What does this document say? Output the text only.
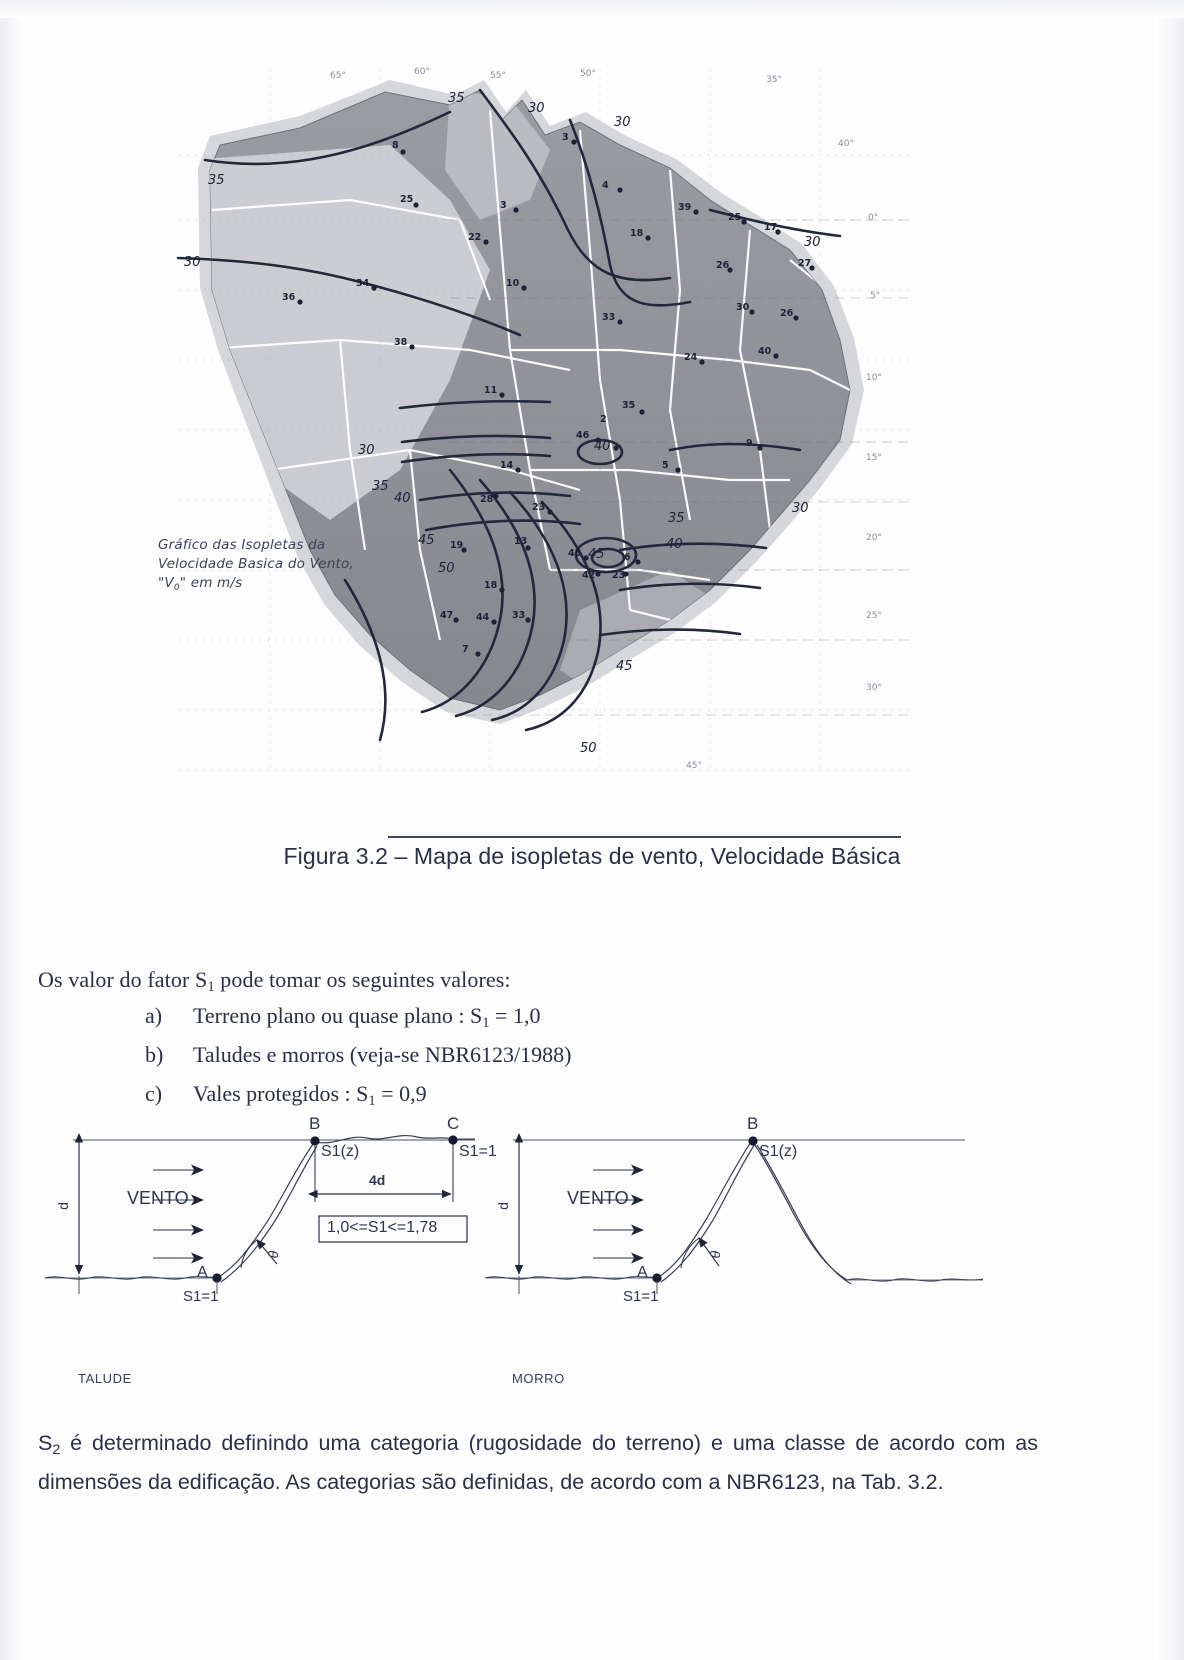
8
3
25
3
22
34	10
36
38
11
14
28
23
19	13
46
4
18
39
25
17
26	27
30
26
33
24
40
9
2
35
5
45	6
42 23
18
47 44 33
7
35
30
30
35
30
30
30
35
40
45
50
35
40
45
50
30
40
45
0°
5°
10°
15°
20°
25°
30°
35°
65°	60°	55°	50°
40°
45°
Gráfico das Isopletas da
Velocidade Basica do Vento,
"$V_0$" em m/s
Figura 3.2 – Mapa de isopletas de vento, Velocidade Básica

Os valor do fator $S_1$ pode tomar os seguintes valores:

a)	Terreno plano ou quase plano : $S_1 = 1,0$
b)	Taludes e morros (veja-se NBR6123/1988)
c)	Vales protegidos : $S_1 = 0,9$
B	C
S1(z)	S1=1
4d
1,0<=S1<=1,78
VENTO
d
A
S1=1
θ
B
S1(z)
VENTO
d
A
S1=1
θ
TALUDE	MORRO

$S_2$ é determinado definindo uma categoria (rugosidade do terreno) e uma classe de acordo com as dimensões da edificação. As categorias são definidas, de acordo com a NBR6123, na Tab. 3.2.
